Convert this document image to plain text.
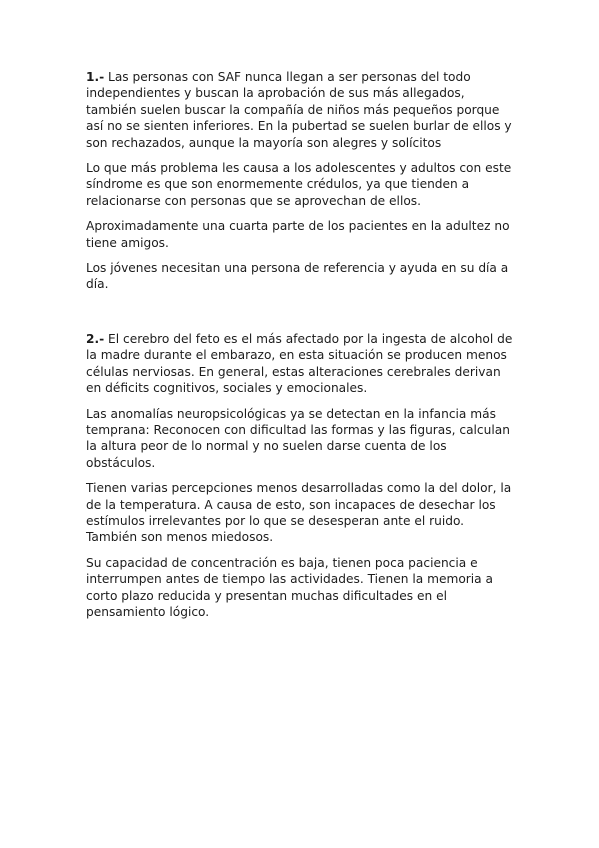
1.- Las personas con SAF nunca llegan a ser personas del todo independientes y buscan la aprobación de sus más allegados, también suelen buscar la compañía de niños más pequeños porque así no se sienten inferiores. En la pubertad se suelen burlar de ellos y son rechazados, aunque la mayoría son alegres y solícitos

Lo que más problema les causa a los adolescentes y adultos con este síndrome es que son enormemente crédulos, ya que tienden a relacionarse con personas que se aprovechan de ellos.

Aproximadamente una cuarta parte de los pacientes en la adultez no tiene amigos.

Los jóvenes necesitan una persona de referencia y ayuda en su día a día.

2.- El cerebro del feto es el más afectado por la ingesta de alcohol de la madre durante el embarazo, en esta situación se producen menos células nerviosas. En general, estas alteraciones cerebrales derivan en déficits cognitivos, sociales y emocionales.

Las anomalías neuropsicológicas ya se detectan en la infancia más temprana: Reconocen con dificultad las formas y las figuras, calculan la altura peor de lo normal y no suelen darse cuenta de los obstáculos.

Tienen varias percepciones menos desarrolladas como la del dolor, la de la temperatura. A causa de esto, son incapaces de desechar los estímulos irrelevantes por lo que se desesperan ante el ruido. También son menos miedosos.

Su capacidad de concentración es baja, tienen poca paciencia e interrumpen antes de tiempo las actividades. Tienen la memoria a corto plazo reducida y presentan muchas dificultades en el pensamiento lógico.
